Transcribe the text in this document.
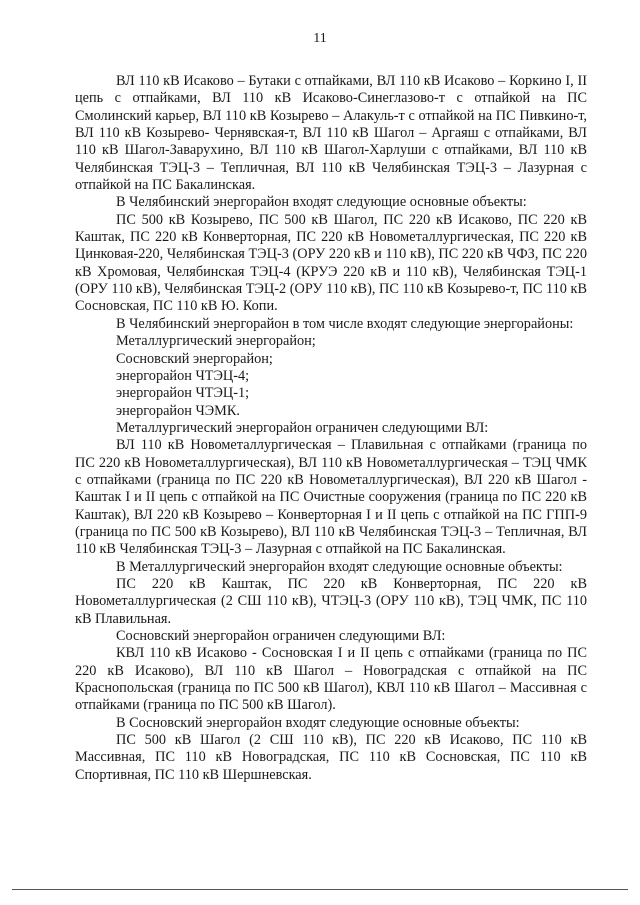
11

ВЛ 110 кВ Исаково – Бутаки с отпайками, ВЛ 110 кВ Исаково – Коркино I, II цепь с отпайками, ВЛ 110 кВ Исаково-Синеглазово-т с отпайкой на ПС Смолинский карьер, ВЛ 110 кВ Козырево – Алакуль-т с отпайкой на ПС Пивкино-т, ВЛ 110 кВ Козырево- Чернявская-т, ВЛ 110 кВ Шагол – Аргаяш с отпайками, ВЛ 110 кВ Шагол-Заварухино, ВЛ 110 кВ Шагол-Харлуши с отпайками, ВЛ 110 кВ Челябинская ТЭЦ-3 – Тепличная, ВЛ 110 кВ Челябинская ТЭЦ-3 – Лазурная с отпайкой на ПС Бакалинская.

В Челябинский энергорайон входят следующие основные объекты:

ПС 500 кВ Козырево, ПС 500 кВ Шагол, ПС 220 кВ Исаково, ПС 220 кВ Каштак, ПС 220 кВ Конверторная, ПС 220 кВ Новометаллургическая, ПС 220 кВ Цинковая-220, Челябинская ТЭЦ-3 (ОРУ 220 кВ и 110 кВ), ПС 220 кВ ЧФЗ, ПС 220 кВ Хромовая, Челябинская ТЭЦ-4 (КРУЭ 220 кВ и 110 кВ), Челябинская ТЭЦ-1 (ОРУ 110 кВ), Челябинская ТЭЦ-2 (ОРУ 110 кВ), ПС 110 кВ Козырево-т, ПС 110 кВ Сосновская, ПС 110 кВ Ю. Копи.

В Челябинский энергорайон в том числе входят следующие энергорайоны:

Металлургический энергорайон;

Сосновский энергорайон;

энергорайон ЧТЭЦ-4;

энергорайон ЧТЭЦ-1;

энергорайон ЧЭМК.

Металлургический энергорайон ограничен следующими ВЛ:

ВЛ 110 кВ Новометаллургическая – Плавильная с отпайками (граница по ПС 220 кВ Новометаллургическая), ВЛ 110 кВ Новометаллургическая – ТЭЦ ЧМК с отпайками (граница по ПС 220 кВ Новометаллургическая), ВЛ 220 кВ Шагол - Каштак I и II цепь с отпайкой на ПС Очистные сооружения (граница по ПС 220 кВ Каштак), ВЛ 220 кВ Козырево – Конверторная I и II цепь с отпайкой на ПС ГПП-9 (граница по ПС 500 кВ Козырево), ВЛ 110 кВ Челябинская ТЭЦ-3 – Тепличная, ВЛ 110 кВ Челябинская ТЭЦ-3 – Лазурная с отпайкой на ПС Бакалинская.

В Металлургический энергорайон входят следующие основные объекты:

ПС 220 кВ Каштак, ПС 220 кВ Конверторная, ПС 220 кВ Новометаллургическая (2 СШ 110 кВ), ЧТЭЦ-3 (ОРУ 110 кВ), ТЭЦ ЧМК, ПС 110 кВ Плавильная.

Сосновский энергорайон ограничен следующими ВЛ:

КВЛ 110 кВ Исаково - Сосновская I и II цепь с отпайками (граница по ПС 220 кВ Исаково), ВЛ 110 кВ Шагол – Новоградская с отпайкой на ПС Краснопольская (граница по ПС 500 кВ Шагол), КВЛ 110 кВ Шагол – Массивная с отпайками (граница по ПС 500 кВ Шагол).

В Сосновский энергорайон входят следующие основные объекты:

ПС 500 кВ Шагол (2 СШ 110 кВ), ПС 220 кВ Исаково, ПС 110 кВ Массивная, ПС 110 кВ Новоградская, ПС 110 кВ Сосновская, ПС 110 кВ Спортивная, ПС 110 кВ Шершневская.
